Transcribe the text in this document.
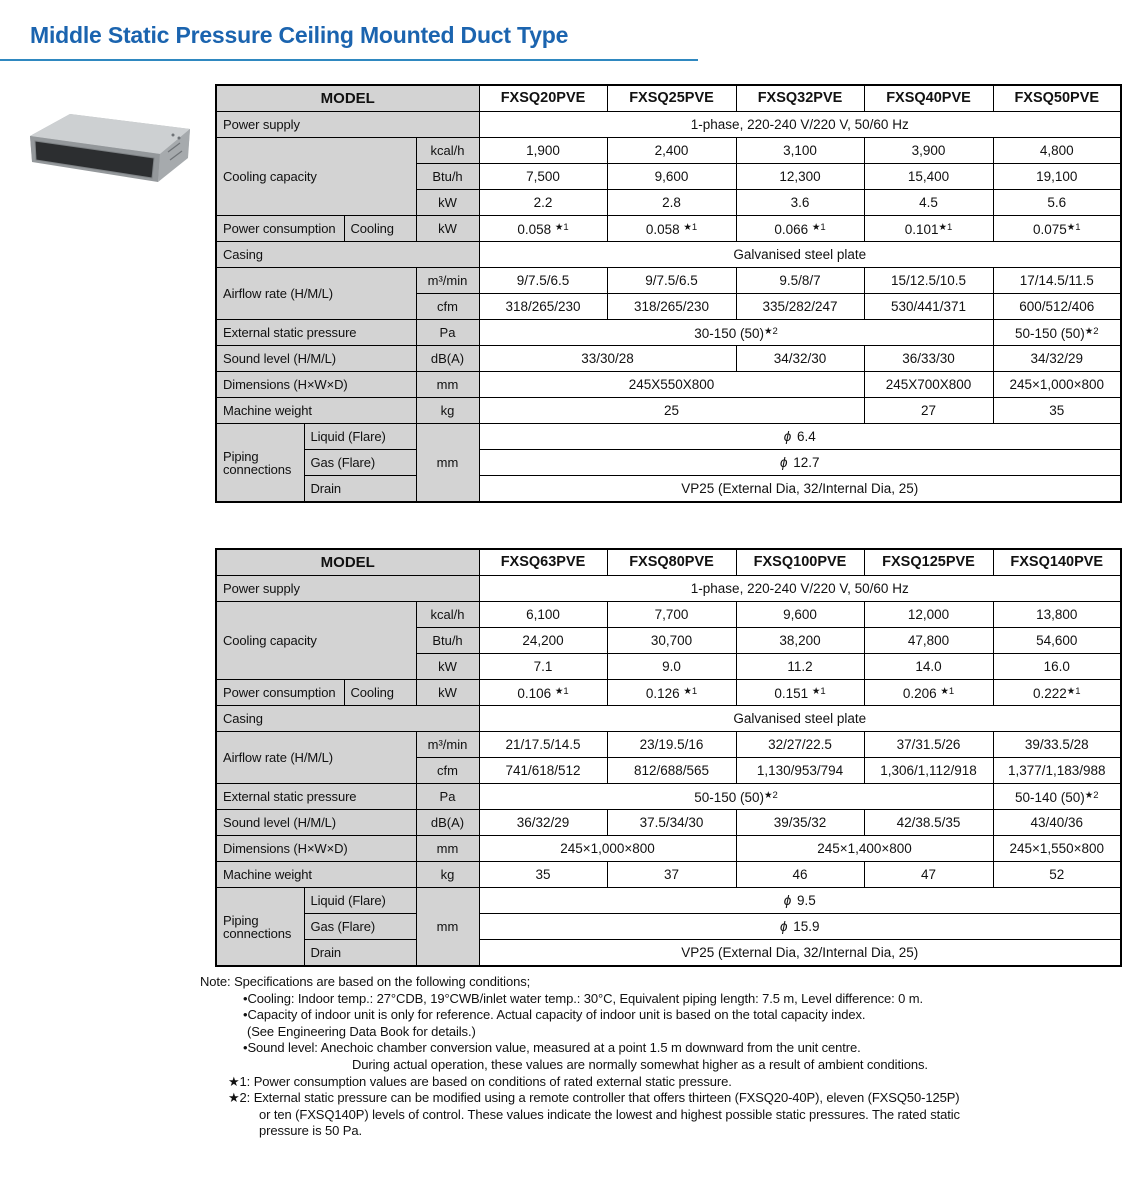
Middle Static Pressure Ceiling Mounted Duct Type
MODEL				FXSQ20PVE	FXSQ25PVE	FXSQ32PVE	FXSQ40PVE	FXSQ50PVE
Power supply				1-phase, 220-240 V/220 V, 50/60 Hz				
Cooling capacity			kcal/h	1,900	2,400	3,100	3,900	4,800
			Btu/h	7,500	9,600	12,300	15,400	19,100
			kW	2.2	2.8	3.6	4.5	5.6
Power consumption		Cooling	kW	0.058 $^{★1}$	0.058 $^{★1}$	0.066 $^{★1}$	$0.101^{★1}$	$0.075^{★1}$
Casing				Galvanised steel plate				
Airflow rate (H/M/L)			m³/min	9/7.5/6.5	9/7.5/6.5	9.5/8/7	15/12.5/10.5	17/14.5/11.5
			cfm	318/265/230	318/265/230	335/282/247	530/441/371	600/512/406
External static pressure			Pa	30-150 $(50)^{★2}$				50-150 $(50)^{★2}$
Sound level (H/M/L)			dB(A)	33/30/28		34/32/30	36/33/30	34/32/29
Dimensions (H×W×D)			mm	245X550X800			245X700X800	245×1,000×800
Machine weight			kg	25			27	35
Piping connections	Liquid (Flare)		mm	ϕ 6.4				
	Gas (Flare)			ϕ 12.7				
	Drain			VP25 (External Dia, 32/Internal Dia, 25)				
MODEL				FXSQ63PVE	FXSQ80PVE	FXSQ100PVE	FXSQ125PVE	FXSQ140PVE
Power supply				1-phase, 220-240 V/220 V, 50/60 Hz				
Cooling capacity			kcal/h	6,100	7,700	9,600	12,000	13,800
			Btu/h	24,200	30,700	38,200	47,800	54,600
			kW	7.1	9.0	11.2	14.0	16.0
Power consumption		Cooling	kW	0.106 $^{★1}$	0.126 $^{★1}$	0.151 $^{★1}$	0.206 $^{★1}$	$0.222^{★1}$
Casing				Galvanised steel plate				
Airflow rate (H/M/L)			m³/min	21/17.5/14.5	23/19.5/16	32/27/22.5	37/31.5/26	39/33.5/28
			cfm	741/618/512	812/688/565	1,130/953/794	1,306/1,112/918	1,377/1,183/988
External static pressure			Pa	50-150 $(50)^{★2}$				50-140 $(50)^{★2}$
Sound level (H/M/L)			dB(A)	36/32/29	37.5/34/30	39/35/32	42/38.5/35	43/40/36
Dimensions (H×W×D)			mm	245×1,000×800		245×1,400×800		245×1,550×800
Machine weight			kg	35	37	46	47	52
Piping connections	Liquid (Flare)		mm	ϕ 9.5				
	Gas (Flare)			ϕ 15.9				
	Drain			VP25 (External Dia, 32/Internal Dia, 25)				
Note: Specifications are based on the following conditions;
•Cooling: Indoor temp.: 27°CDB, 19°CWB/inlet water temp.: 30°C, Equivalent piping length: 7.5 m, Level difference: 0 m.
•Capacity of indoor unit is only for reference. Actual capacity of indoor unit is based on the total capacity index.
(See Engineering Data Book for details.)
•Sound level: Anechoic chamber conversion value, measured at a point 1.5 m downward from the unit centre.
During actual operation, these values are normally somewhat higher as a result of ambient conditions.
★1: Power consumption values are based on conditions of rated external static pressure.
★2: External static pressure can be modified using a remote controller that offers thirteen (FXSQ20-40P), eleven (FXSQ50-125P)
or ten (FXSQ140P) levels of control. These values indicate the lowest and highest possible static pressures. The rated static
pressure is 50 Pa.
